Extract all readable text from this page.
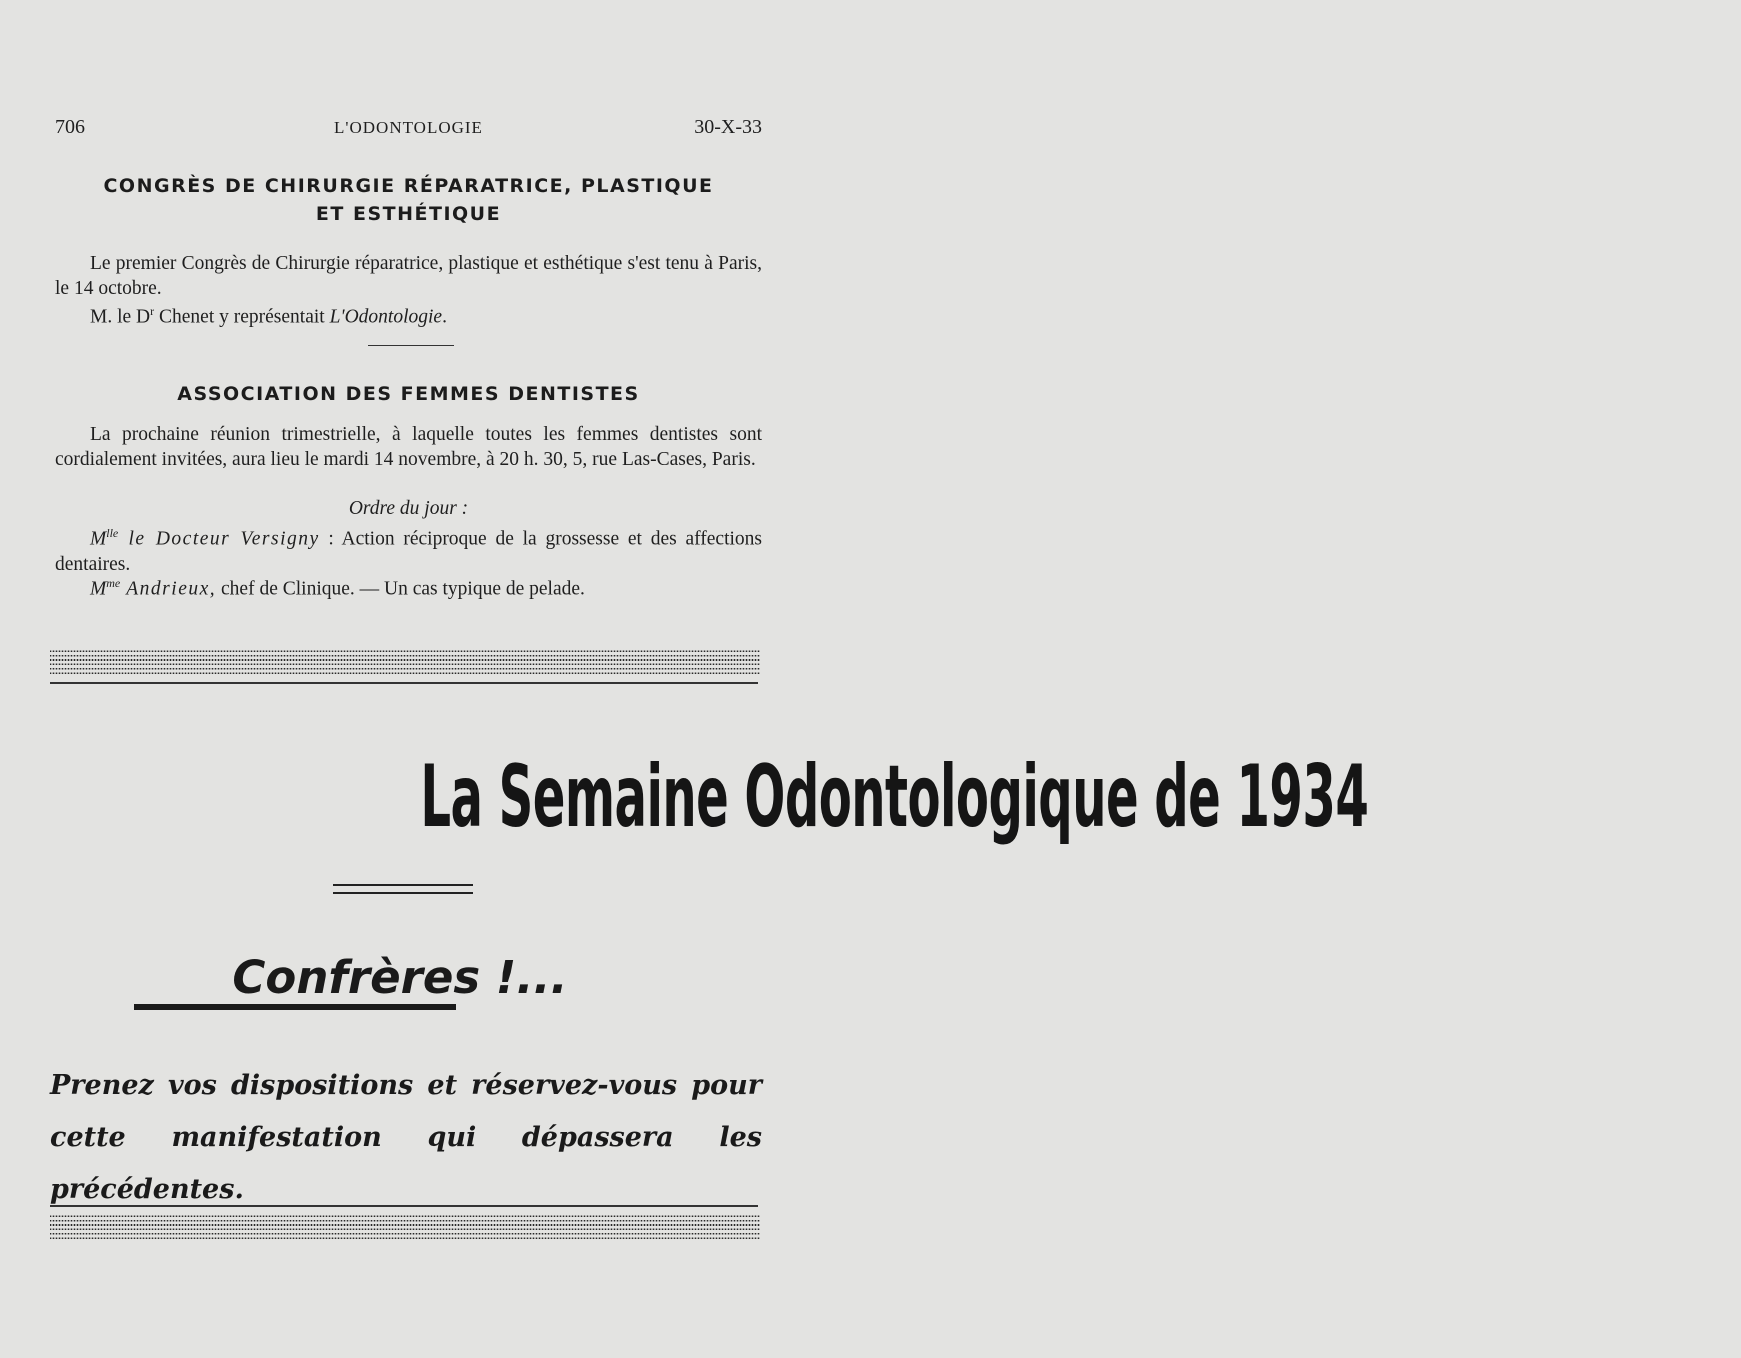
706	L'ODONTOLOGIE	30-X-33
CONGRÈS DE CHIRURGIE RÉPARATRICE, PLASTIQUE
ET ESTHÉTIQUE
Le premier Congrès de Chirurgie réparatrice, plastique et esthétique s'est tenu à Paris, le 14 octobre.
M. le $D^r$ Chenet y représentait L'Odontologie.
ASSOCIATION DES FEMMES DENTISTES
La prochaine réunion trimestrielle, à laquelle toutes les femmes dentistes sont cordialement invitées, aura lieu le mardi 14 novembre, à 20 h. 30, 5, rue Las-Cases, Paris.
Ordre du jour :
$M^{lle}$ le Docteur Versigny : Action réciproque de la grossesse et des affections dentaires.
$M^{me}$ Andrieux, chef de Clinique. — Un cas typique de pelade.
La Semaine Odontologique de 1934
Confrères !...
Prenez vos dispositions et réservez-vous pour cette manifestation qui dépassera les précédentes.
